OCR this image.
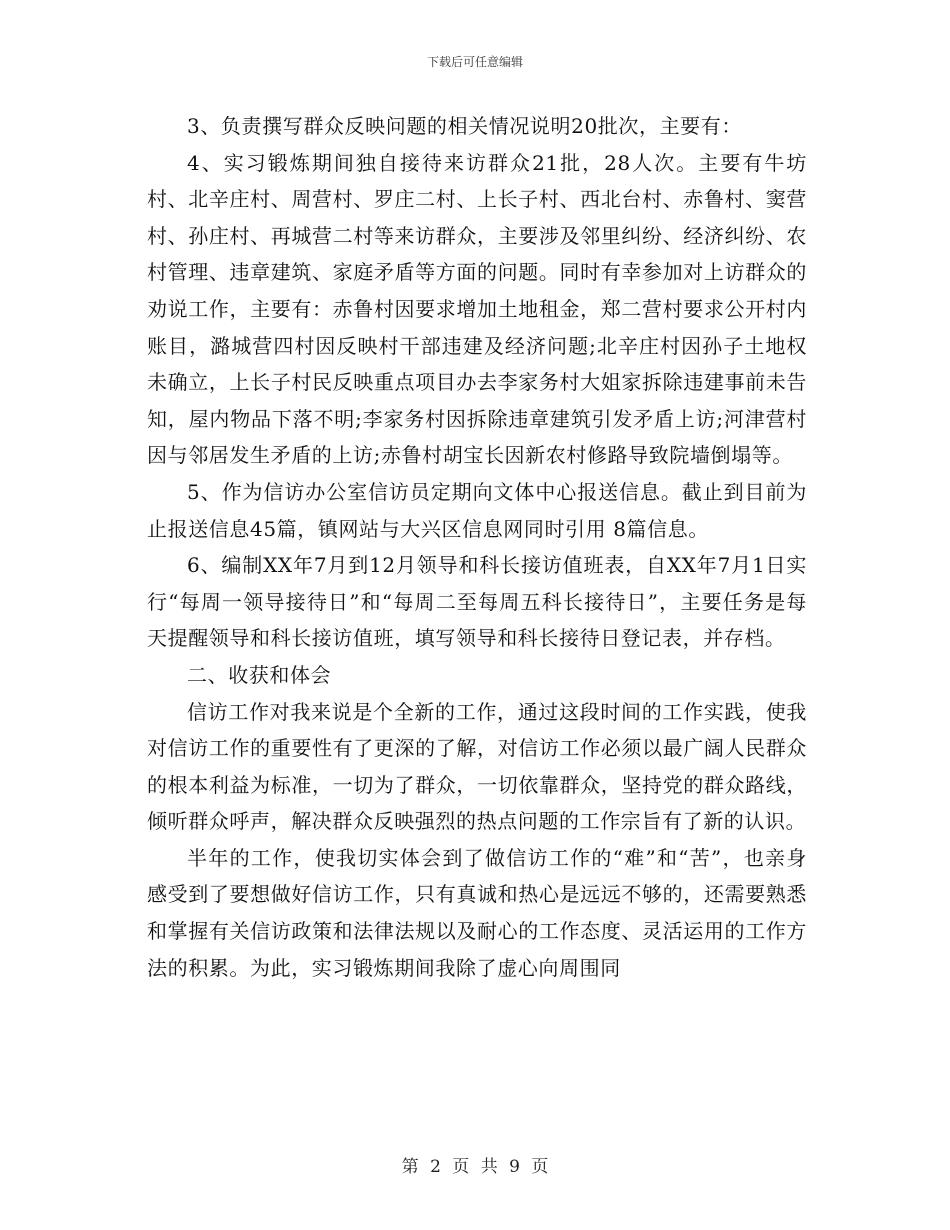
下载后可任意编辑

3、负责撰写群众反映问题的相关情况说明20批次，主要有：

4、实习锻炼期间独自接待来访群众21批，28人次。主要有牛坊村、北辛庄村、周营村、罗庄二村、上长子村、西北台村、赤鲁村、窦营村、孙庄村、再城营二村等来访群众，主要涉及邻里纠纷、经济纠纷、农村管理、违章建筑、家庭矛盾等方面的问题。同时有幸参加对上访群众的劝说工作，主要有：赤鲁村因要求增加土地租金，郑二营村要求公开村内账目，潞城营四村因反映村干部违建及经济问题;北辛庄村因孙子土地权未确立，上长子村民反映重点项目办去李家务村大姐家拆除违建事前未告知，屋内物品下落不明;李家务村因拆除违章建筑引发矛盾上访;河津营村因与邻居发生矛盾的上访;赤鲁村胡宝长因新农村修路导致院墙倒塌等。

5、作为信访办公室信访员定期向文体中心报送信息。截止到目前为止报送信息45篇，镇网站与大兴区信息网同时引用 8篇信息。

6、编制XX年7月到12月领导和科长接访值班表，自XX年7月1日实行“每周一领导接待日”和“每周二至每周五科长接待日”，主要任务是每天提醒领导和科长接访值班，填写领导和科长接待日登记表，并存档。

二、收获和体会

信访工作对我来说是个全新的工作，通过这段时间的工作实践，使我对信访工作的重要性有了更深的了解，对信访工作必须以最广阔人民群众的根本利益为标准，一切为了群众，一切依靠群众，坚持党的群众路线，倾听群众呼声，解决群众反映强烈的热点问题的工作宗旨有了新的认识。

半年的工作，使我切实体会到了做信访工作的“难”和“苦”，也亲身感受到了要想做好信访工作，只有真诚和热心是远远不够的，还需要熟悉和掌握有关信访政策和法律法规以及耐心的工作态度、灵活运用的工作方法的积累。为此，实习锻炼期间我除了虚心向周围同

第 2 页 共 9 页
